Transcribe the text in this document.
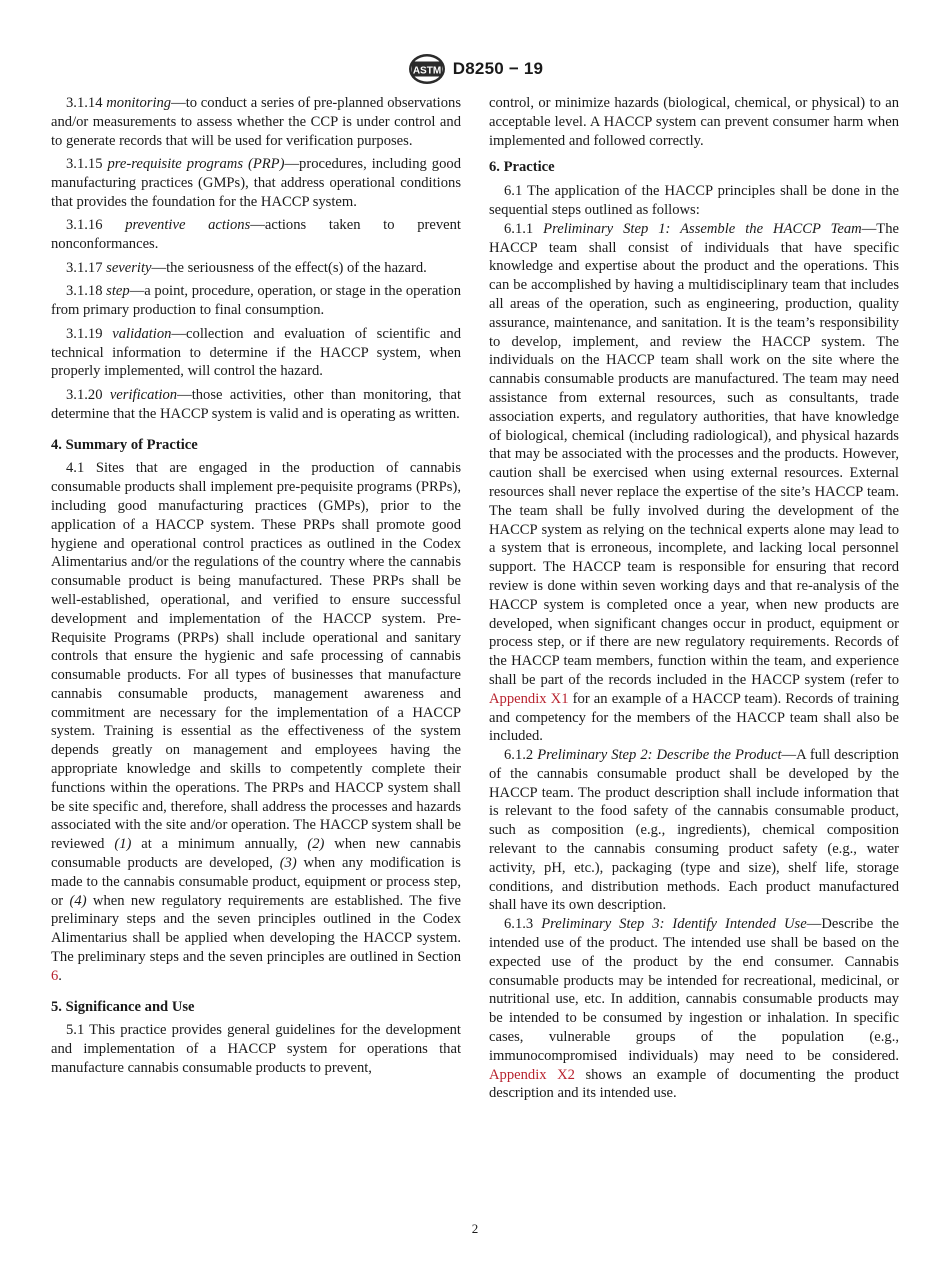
ASTM D8250 − 19

3.1.14 monitoring—to conduct a series of pre-planned observations and/or measurements to assess whether the CCP is under control and to generate records that will be used for verification purposes.

3.1.15 pre-requisite programs (PRP)—procedures, including good manufacturing practices (GMPs), that address operational conditions that provides the foundation for the HACCP system.

3.1.16 preventive actions—actions taken to prevent nonconformances.

3.1.17 severity—the seriousness of the effect(s) of the hazard.

3.1.18 step—a point, procedure, operation, or stage in the operation from primary production to final consumption.

3.1.19 validation—collection and evaluation of scientific and technical information to determine if the HACCP system, when properly implemented, will control the hazard.

3.1.20 verification—those activities, other than monitoring, that determine that the HACCP system is valid and is operating as written.

4. Summary of Practice

4.1 Sites that are engaged in the production of cannabis consumable products shall implement pre-pequisite programs (PRPs), including good manufacturing practices (GMPs), prior to the application of a HACCP system. These PRPs shall promote good hygiene and operational control practices as outlined in the Codex Alimentarius and/or the regulations of the country where the cannabis consumable product is being manufactured. These PRPs shall be well-established, operational, and verified to ensure successful development and implementation of the HACCP system. Pre-Requisite Programs (PRPs) shall include operational and sanitary controls that ensure the hygienic and safe processing of cannabis consumable products. For all types of businesses that manufacture cannabis consumable products, management awareness and commitment are necessary for the implementation of a HACCP system. Training is essential as the effectiveness of the system depends greatly on management and employees having the appropriate knowledge and skills to competently complete their functions within the operations. The PRPs and HACCP system shall be site specific and, therefore, shall address the processes and hazards associated with the site and/or operation. The HACCP system shall be reviewed (1) at a minimum annually, (2) when new cannabis consumable products are developed, (3) when any modification is made to the cannabis consumable product, equipment or process step, or (4) when new regulatory requirements are established. The five preliminary steps and the seven principles outlined in the Codex Alimentarius shall be applied when developing the HACCP system. The preliminary steps and the seven principles are outlined in Section 6.

5. Significance and Use

5.1 This practice provides general guidelines for the development and implementation of a HACCP system for operations that manufacture cannabis consumable products to prevent,

control, or minimize hazards (biological, chemical, or physical) to an acceptable level. A HACCP system can prevent consumer harm when implemented and followed correctly.

6. Practice

6.1 The application of the HACCP principles shall be done in the sequential steps outlined as follows:

6.1.1 Preliminary Step 1: Assemble the HACCP Team—The HACCP team shall consist of individuals that have specific knowledge and expertise about the product and the operations. This can be accomplished by having a multidisciplinary team that includes all areas of the operation, such as engineering, production, quality assurance, maintenance, and sanitation. It is the team’s responsibility to develop, implement, and review the HACCP system. The individuals on the HACCP team shall work on the site where the cannabis consumable products are manufactured. The team may need assistance from external resources, such as consultants, trade association experts, and regulatory authorities, that have knowledge of biological, chemical (including radiological), and physical hazards that may be associated with the processes and the products. However, caution shall be exercised when using external resources. External resources shall never replace the expertise of the site’s HACCP team. The team shall be fully involved during the development of the HACCP system as relying on the technical experts alone may lead to a system that is erroneous, incomplete, and lacking local personnel support. The HACCP team is responsible for ensuring that record review is done within seven working days and that re-analysis of the HACCP system is completed once a year, when new products are developed, when significant changes occur in product, equipment or process step, or if there are new regulatory requirements. Records of the HACCP team members, function within the team, and experience shall be part of the records included in the HACCP system (refer to Appendix X1 for an example of a HACCP team). Records of training and competency for the members of the HACCP team shall also be included.

6.1.2 Preliminary Step 2: Describe the Product—A full description of the cannabis consumable product shall be developed by the HACCP team. The product description shall include information that is relevant to the food safety of the cannabis consumable product, such as composition (e.g., ingredients), chemical composition relevant to the cannabis consuming product safety (e.g., water activity, pH, etc.), packaging (type and size), shelf life, storage conditions, and distribution methods. Each product manufactured shall have its own description.

6.1.3 Preliminary Step 3: Identify Intended Use—Describe the intended use of the product. The intended use shall be based on the expected use of the product by the end consumer. Cannabis consumable products may be intended for recreational, medicinal, or nutritional use, etc. In addition, cannabis consumable products may be intended to be consumed by ingestion or inhalation. In specific cases, vulnerable groups of the population (e.g., immunocompromised individuals) may need to be considered. Appendix X2 shows an example of documenting the product description and its intended use.

2
